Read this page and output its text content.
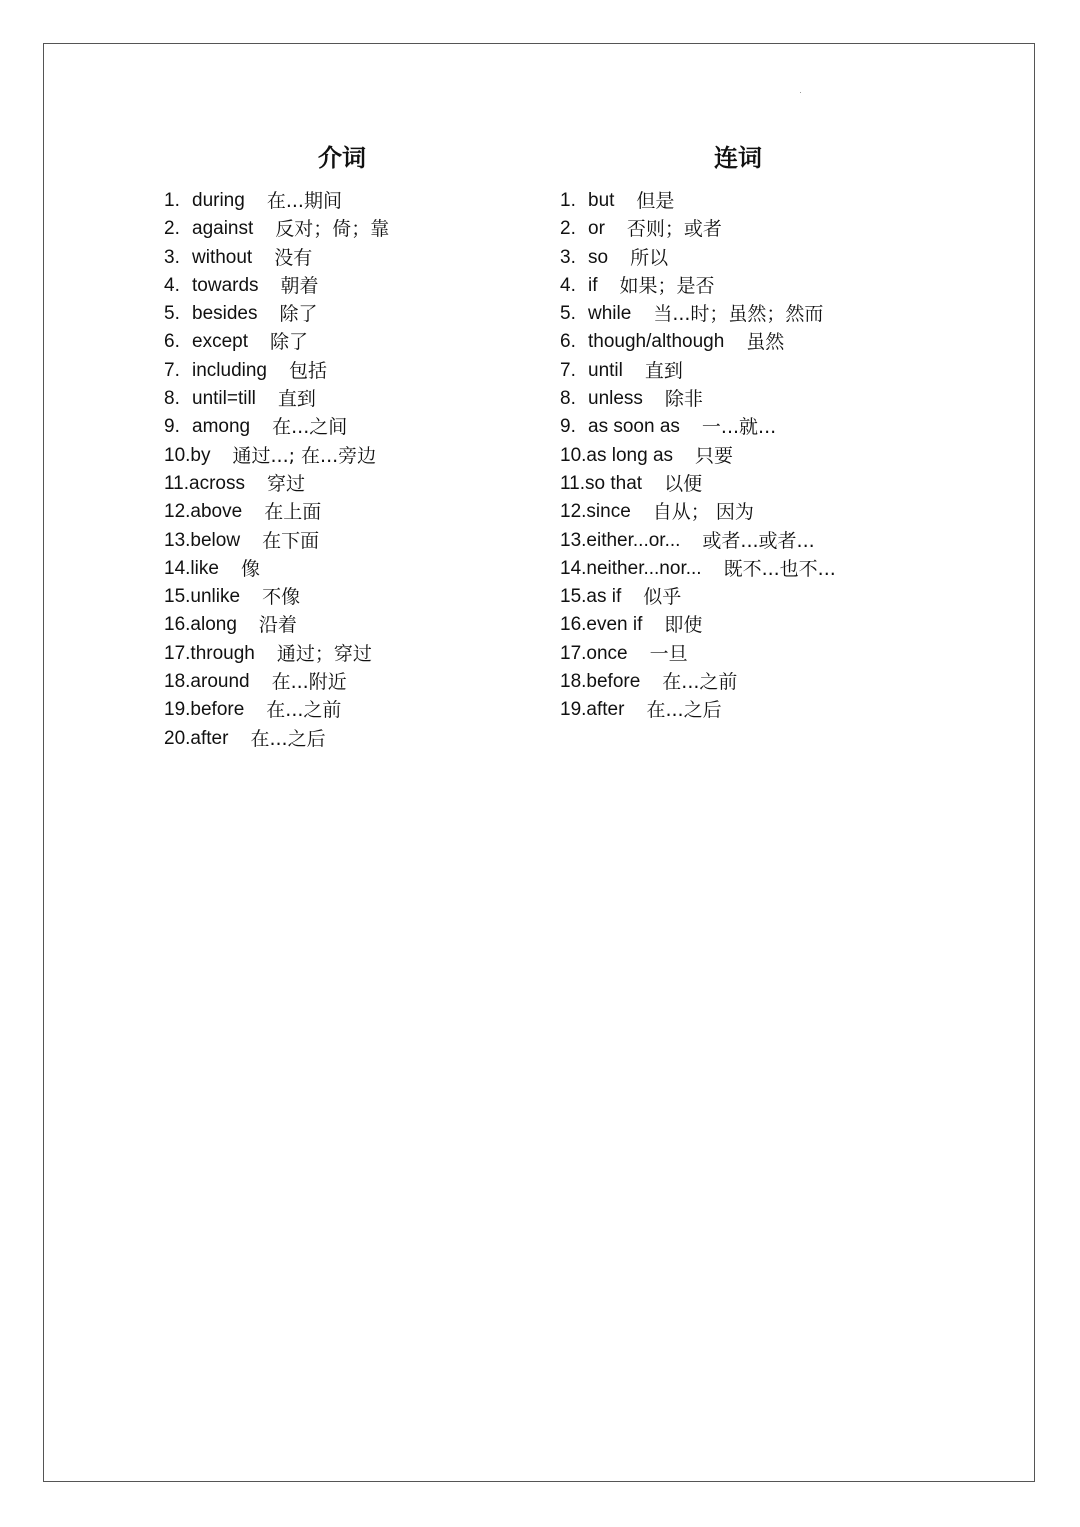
介词
1. during 在...期间
2. against 反对；倚；靠
3. without 没有
4. towards 朝着
5. besides 除了
6. except 除了
7. including 包括
8. until=till 直到
9. among 在...之间
10. by 通过...; 在...旁边
11. across 穿过
12. above 在上面
13. below 在下面
14. like 像
15. unlike 不像
16. along 沿着
17. through 通过；穿过
18. around 在...附近
19. before 在...之前
20. after 在...之后
连词
1. but 但是
2. or 否则；或者
3. so 所以
4. if 如果；是否
5. while 当...时；虽然；然而
6. though/although 虽然
7. until 直到
8. unless 除非
9. as soon as 一...就...
10. as long as 只要
11. so that 以便
12. since 自从； 因为
13. either...or... 或者...或者...
14. neither...nor... 既不...也不...
15. as if 似乎
16. even if 即使
17. once 一旦
18. before 在...之前
19. after 在...之后
